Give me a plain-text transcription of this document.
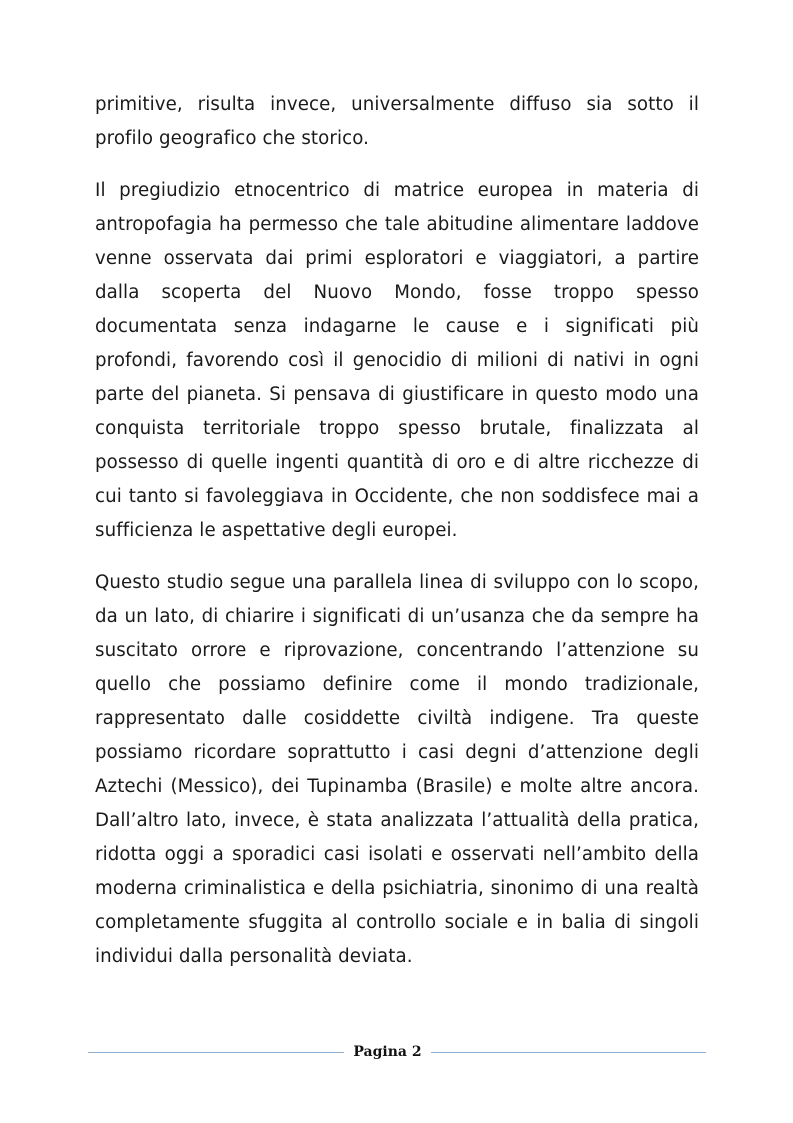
primitive, risulta invece, universalmente diffuso sia sotto il profilo geografico che storico.

Il pregiudizio etnocentrico di matrice europea in materia di antropofagia ha permesso che tale abitudine alimentare laddove venne osservata dai primi esploratori e viaggiatori, a partire dalla scoperta del Nuovo Mondo, fosse troppo spesso documentata senza indagarne le cause e i significati più profondi, favorendo così il genocidio di milioni di nativi in ogni parte del pianeta. Si pensava di giustificare in questo modo una conquista territoriale troppo spesso brutale, finalizzata al possesso di quelle ingenti quantità di oro e di altre ricchezze di cui tanto si favoleggiava in Occidente, che non soddisfece mai a sufficienza le aspettative degli europei.

Questo studio segue una parallela linea di sviluppo con lo scopo, da un lato, di chiarire i significati di un’usanza che da sempre ha suscitato orrore e riprovazione, concentrando l’attenzione su quello che possiamo definire come il mondo tradizionale, rappresentato dalle cosiddette civiltà indigene. Tra queste possiamo ricordare soprattutto i casi degni d’attenzione degli Aztechi (Messico), dei Tupinamba (Brasile) e molte altre ancora. Dall’altro lato, invece, è stata analizzata l’attualità della pratica, ridotta oggi a sporadici casi isolati e osservati nell’ambito della moderna criminalistica e della psichiatria, sinonimo di una realtà completamente sfuggita al controllo sociale e in balia di singoli individui dalla personalità deviata.

Pagina 2
